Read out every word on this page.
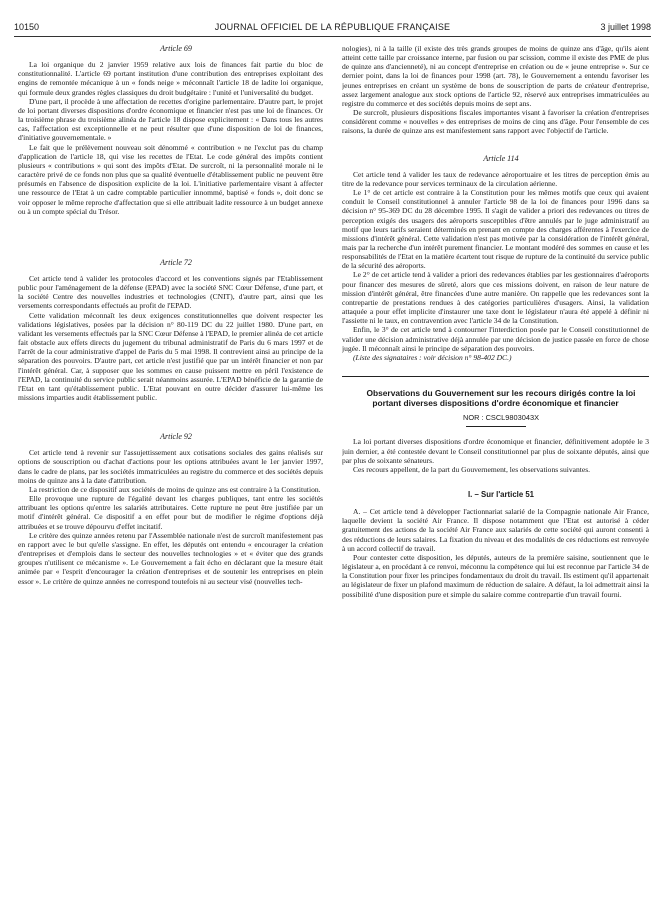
10150	JOURNAL OFFICIEL DE LA RÉPUBLIQUE FRANÇAISE	3 juillet 1998

Article 69

La loi organique du 2 janvier 1959 relative aux lois de finances fait partie du bloc de constitutionnalité. L'article 69 portant institution d'une contribution des entreprises exploitant des engins de remontée mécanique à un « fonds neige » méconnaît l'article 18 de ladite loi organique, qui formule deux grandes règles classiques du droit budgétaire : l'unité et l'universalité du budget.

D'une part, il procède à une affectation de recettes d'origine parlementaire. D'autre part, le projet de loi portant diverses dispositions d'ordre économique et financier n'est pas une loi de finances. Or la troisième phrase du troisième alinéa de l'article 18 dispose explicitement : « Dans tous les autres cas, l'affectation est exceptionnelle et ne peut résulter que d'une disposition de loi de finances, d'initiative gouvernementale. »

Le fait que le prélèvement nouveau soit dénommé « contribution » ne l'exclut pas du champ d'application de l'article 18, qui vise les recettes de l'Etat. Le code général des impôts contient plusieurs « contributions » qui sont des impôts d'Etat. De surcroît, ni la personnalité morale ni le caractère privé de ce fonds non plus que sa qualité éventuelle d'établissement public ne peuvent être présumés en l'absence de disposition explicite de la loi. L'initiative parlementaire visant à affecter une ressource de l'Etat à un cadre comptable particulier innommé, baptisé « fonds », doit donc se voir opposer le même reproche d'affectation que si elle attribuait ladite ressource à un budget annexe ou à un compte spécial du Trésor.

Article 72

Cet article tend à valider les protocoles d'accord et les conventions signés par l'Etablissement public pour l'aménagement de la défense (EPAD) avec la société SNC Cœur Défense, d'une part, et la société Centre des nouvelles industries et technologies (CNIT), d'autre part, ainsi que les versements correspondants effectués au profit de l'EPAD.

Cette validation méconnaît les deux exigences constitutionnelles que doivent respecter les validations législatives, posées par la décision n° 80-119 DC du 22 juillet 1980. D'une part, en validant les versements effectués par la SNC Cœur Défense à l'EPAD, le premier alinéa de cet article fait obstacle aux effets directs du jugement du tribunal administratif de Paris du 6 mars 1997 et de l'arrêt de la cour administrative d'appel de Paris du 5 mai 1998. Il contrevient ainsi au principe de la séparation des pouvoirs. D'autre part, cet article n'est justifié que par un intérêt financier et non par l'intérêt général. Car, à supposer que les sommes en cause puissent mettre en péril l'existence de l'EPAD, la continuité du service public serait néanmoins assurée. L'EPAD bénéficie de la garantie de l'Etat en tant qu'établissement public. L'Etat pouvant en outre décider d'assurer lui-même les missions imparties audit établissement public.

Article 92

Cet article tend à revenir sur l'assujettissement aux cotisations sociales des gains réalisés sur options de souscription ou d'achat d'actions pour les options attribuées avant le 1er janvier 1997, dans le cadre de plans, par les sociétés immatriculées au registre du commerce et des sociétés depuis moins de quinze ans à la date d'attribution.

La restriction de ce dispositif aux sociétés de moins de quinze ans est contraire à la Constitution.

Elle provoque une rupture de l'égalité devant les charges publiques, tant entre les sociétés attribuant les options qu'entre les salariés attributaires. Cette rupture ne peut être justifiée par un motif d'intérêt général. Ce dispositif a en effet pour but de modifier le régime d'options déjà attribuées et se trouve dépourvu d'effet incitatif.

Le critère des quinze années retenu par l'Assemblée nationale n'est de surcroît manifestement pas en rapport avec le but qu'elle s'assigne. En effet, les députés ont entendu « encourager la création d'entreprises et d'emplois dans le secteur des nouvelles technologies » et « éviter que des grands groupes n'utilisent ce mécanisme ». Le Gouvernement a fait écho en déclarant que la mesure était animée par « l'esprit d'encourager la création d'entreprises et de soutenir les entreprises en plein essor ». Le critère de quinze années ne correspond toutefois ni au secteur visé (nouvelles tech-

nologies), ni à la taille (il existe des très grands groupes de moins de quinze ans d'âge, qu'ils aient atteint cette taille par croissance interne, par fusion ou par scission, comme il existe des PME de plus de quinze ans d'ancienneté), ni au concept d'entreprise en création ou de « jeune entreprise ». Sur ce dernier point, dans la loi de finances pour 1998 (art. 78), le Gouvernement a entendu favoriser les jeunes entreprises en créant un système de bons de souscription de parts de créateur d'entreprise, assez largement analogue aux stock options de l'article 92, réservé aux entreprises immatriculées au registre du commerce et des sociétés depuis moins de sept ans.

De surcroît, plusieurs dispositions fiscales importantes visant à favoriser la création d'entreprises considèrent comme « nouvelles » des entreprises de moins de cinq ans d'âge. Pour l'ensemble de ces raisons, la durée de quinze ans est manifestement sans rapport avec l'objectif de l'article.

Article 114

Cet article tend à valider les taux de redevance aéroportuaire et les titres de perception émis au titre de la redevance pour services terminaux de la circulation aérienne.

Le 1° de cet article est contraire à la Constitution pour les mêmes motifs que ceux qui avaient conduit le Conseil constitutionnel à annuler l'article 98 de la loi de finances pour 1996 dans sa décision n° 95-369 DC du 28 décembre 1995. Il s'agit de valider a priori des redevances ou titres de perception exigés des usagers des aéroports susceptibles d'être annulés par le juge administratif au motif que leurs tarifs seraient déterminés en prenant en compte des charges afférentes à l'exercice de missions d'intérêt général. Cette validation n'est pas motivée par la considération de l'intérêt général, mais par la recherche d'un intérêt purement financier. Le montant modéré des sommes en cause et les responsabilités de l'Etat en la matière écartent tout risque de rupture de la continuité du service public de la sécurité des aéroports.

Le 2° de cet article tend à valider a priori des redevances établies par les gestionnaires d'aéroports pour financer des mesures de sûreté, alors que ces missions doivent, en raison de leur nature de mission d'intérêt général, être financées d'une autre manière. On rappelle que les redevances sont la contrepartie de prestations rendues à des catégories particulières d'usagers. Ainsi, la validation attaquée a pour effet implicite d'instaurer une taxe dont le législateur n'aura été appelé à définir ni l'assiette ni le taux, en contravention avec l'article 34 de la Constitution.

Enfin, le 3° de cet article tend à contourner l'interdiction posée par le Conseil constitutionnel de valider une décision administrative déjà annulée par une décision de justice passée en force de chose jugée. Il méconnaît ainsi le principe de séparation des pouvoirs.

(Liste des signataires : voir décision n° 98-402 DC.)

Observations du Gouvernement sur les recours dirigés contre la loi portant diverses dispositions d'ordre économique et financier

NOR : CSCL9803043X

La loi portant diverses dispositions d'ordre économique et financier, définitivement adoptée le 3 juin dernier, a été contestée devant le Conseil constitutionnel par plus de soixante députés, ainsi que par plus de soixante sénateurs.

Ces recours appellent, de la part du Gouvernement, les observations suivantes.

I. – Sur l'article 51

A. – Cet article tend à développer l'actionnariat salarié de la Compagnie nationale Air France, laquelle devient la société Air France. Il dispose notamment que l'Etat est autorisé à céder gratuitement des actions de la société Air France aux salariés de cette société qui auront consenti à des réductions de leurs salaires. La fixation du niveau et des modalités de ces réductions est renvoyée à un accord collectif de travail.

Pour contester cette disposition, les députés, auteurs de la première saisine, soutiennent que le législateur a, en procédant à ce renvoi, méconnu la compétence qui lui est reconnue par l'article 34 de la Constitution pour fixer les principes fondamentaux du droit du travail. Ils estiment qu'il appartenait au législateur de fixer un plafond maximum de réduction de salaire. A défaut, la loi admettrait ainsi la possibilité d'une disposition pure et simple du salaire comme contrepartie d'un travail fourni.
